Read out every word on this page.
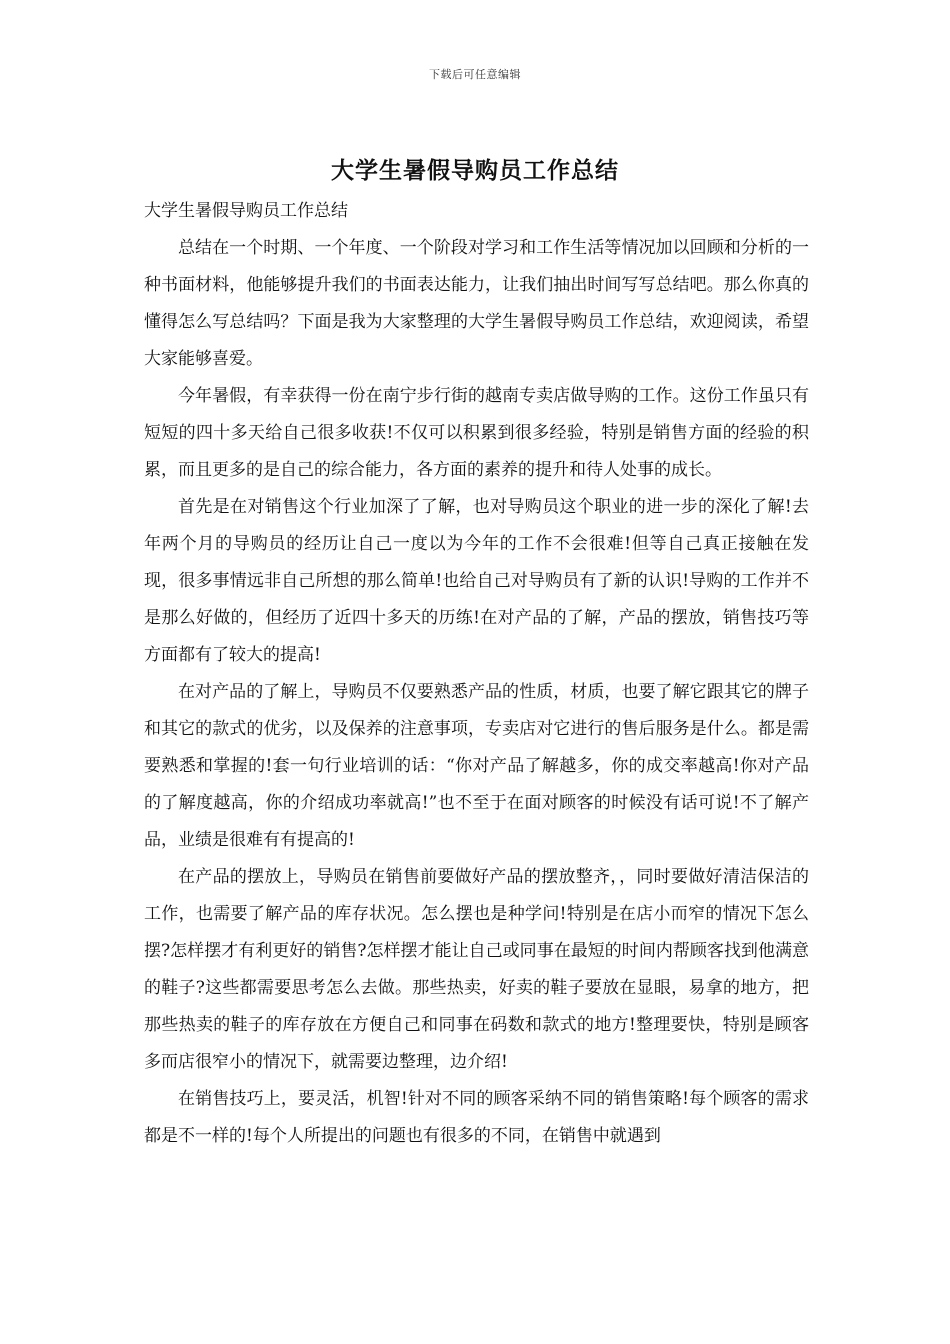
下载后可任意编辑
大学生暑假导购员工作总结

大学生暑假导购员工作总结

总结在一个时期、一个年度、一个阶段对学习和工作生活等情况加以回顾和分析的一种书面材料，他能够提升我们的书面表达能力，让我们抽出时间写写总结吧。那么你真的懂得怎么写总结吗？下面是我为大家整理的大学生暑假导购员工作总结，欢迎阅读，希望大家能够喜爱。

今年暑假，有幸获得一份在南宁步行街的越南专卖店做导购的工作。这份工作虽只有短短的四十多天给自己很多收获!不仅可以积累到很多经验，特别是销售方面的经验的积累，而且更多的是自己的综合能力，各方面的素养的提升和待人处事的成长。

首先是在对销售这个行业加深了了解，也对导购员这个职业的进一步的深化了解!去年两个月的导购员的经历让自己一度以为今年的工作不会很难!但等自己真正接触在发现，很多事情远非自己所想的那么简单!也给自己对导购员有了新的认识!导购的工作并不是那么好做的，但经历了近四十多天的历练!在对产品的了解，产品的摆放，销售技巧等方面都有了较大的提高!

在对产品的了解上，导购员不仅要熟悉产品的性质，材质，也要了解它跟其它的牌子和其它的款式的优劣，以及保养的注意事项，专卖店对它进行的售后服务是什么。都是需要熟悉和掌握的!套一句行业培训的话：“你对产品了解越多，你的成交率越高!你对产品的了解度越高，你的介绍成功率就高!”也不至于在面对顾客的时候没有话可说!不了解产品，业绩是很难有有提高的!

在产品的摆放上，导购员在销售前要做好产品的摆放整齐，，同时要做好清洁保洁的工作，也需要了解产品的库存状况。怎么摆也是种学问!特别是在店小而窄的情况下怎么摆?怎样摆才有利更好的销售?怎样摆才能让自己或同事在最短的时间内帮顾客找到他满意的鞋子?这些都需要思考怎么去做。那些热卖，好卖的鞋子要放在显眼，易拿的地方，把那些热卖的鞋子的库存放在方便自己和同事在码数和款式的地方!整理要快，特别是顾客多而店很窄小的情况下，就需要边整理，边介绍!

在销售技巧上，要灵活，机智!针对不同的顾客采纳不同的销售策略!每个顾客的需求都是不一样的!每个人所提出的问题也有很多的不同，在销售中就遇到
